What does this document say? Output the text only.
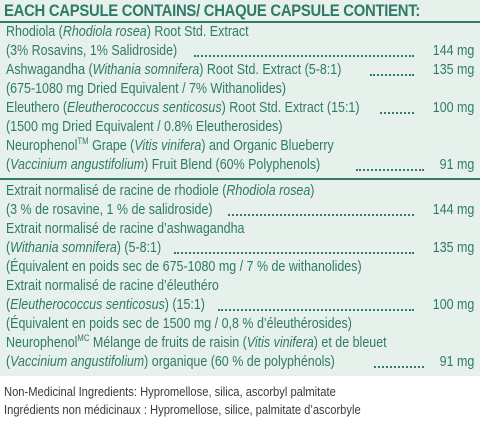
EACH CAPSULE CONTAINS/ CHAQUE CAPSULE CONTIENT:
Rhodiola (Rhodiola rosea) Root Std. Extract
(3% Rosavins, 1% Salidroside)	144 mg
Ashwagandha (Withania somnifera) Root Std. Extract (5-8:1)	135 mg
(675-1080 mg Dried Equivalent / 7% Withanolides)
Eleuthero (Eleutherococcus senticosus) Root Std. Extract (15:1)	100 mg
(1500 mg Dried Equivalent / 0.8% Eleutherosides)
Neurophenol™ Grape (Vitis vinifera) and Organic Blueberry
(Vaccinium angustifolium) Fruit Blend (60% Polyphenols)	91 mg
Extrait normalisé de racine de rhodiole (Rhodiola rosea)
(3 % de rosavine, 1 % de salidroside)	144 mg
Extrait normalisé de racine d’ashwagandha
(Withania somnifera) (5-8:1)	135 mg
(Équivalent en poids sec de 675-1080 mg / 7 % de withanolides)
Extrait normalisé de racine d’éleuthéro
(Eleutherococcus senticosus) (15:1)	100 mg
(Équivalent en poids sec de 1500 mg / 0,8 % d’éleuthérosides)
Neurophenol$^{MC}$ Mélange de fruits de raisin (Vitis vinifera) et de bleuet
(Vaccinium angustifolium) organique (60 % de polyphénols)	91 mg
Non-Medicinal Ingredients: Hypromellose, silica, ascorbyl palmitate
Ingrédients non médicinaux : Hypromellose, silice, palmitate d’ascorbyle
